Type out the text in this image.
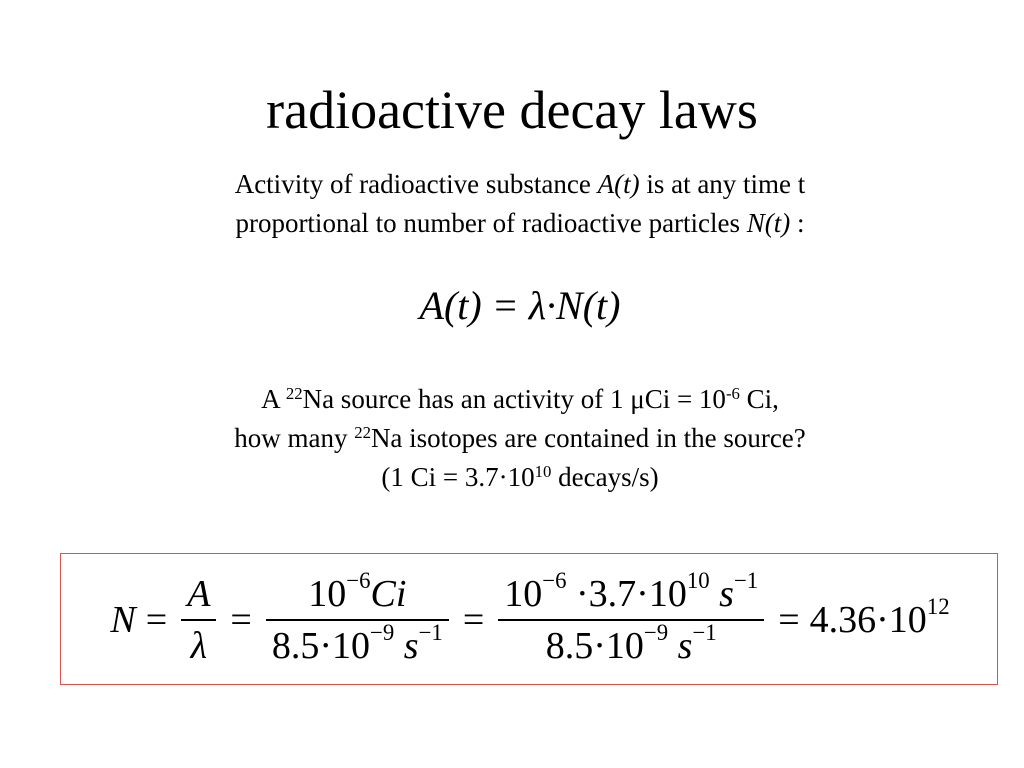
radioactive decay laws
Activity of radioactive substance A(t) is at any time t
proportional to number of radioactive particles N(t) :
A(t) = λ·N(t)
A $^{22}$Na source has an activity of 1 $\mu Ci = 10^{-6}$ Ci,
how many $^{22}$Na isotopes are contained in the source?
(1 $Ci = 3.7\cdot 10^{10}$ decays/s)
$N = \frac{A}{\lambda} = \frac{10^{-6}Ci}{8.5\cdot 10^{-9} s^{-1}} = \frac{10^{-6} \cdot 3.7\cdot 10^{10} s^{-1}}{8.5\cdot 10^{-9} s^{-1}} = 4.36\cdot 10^{12}$
